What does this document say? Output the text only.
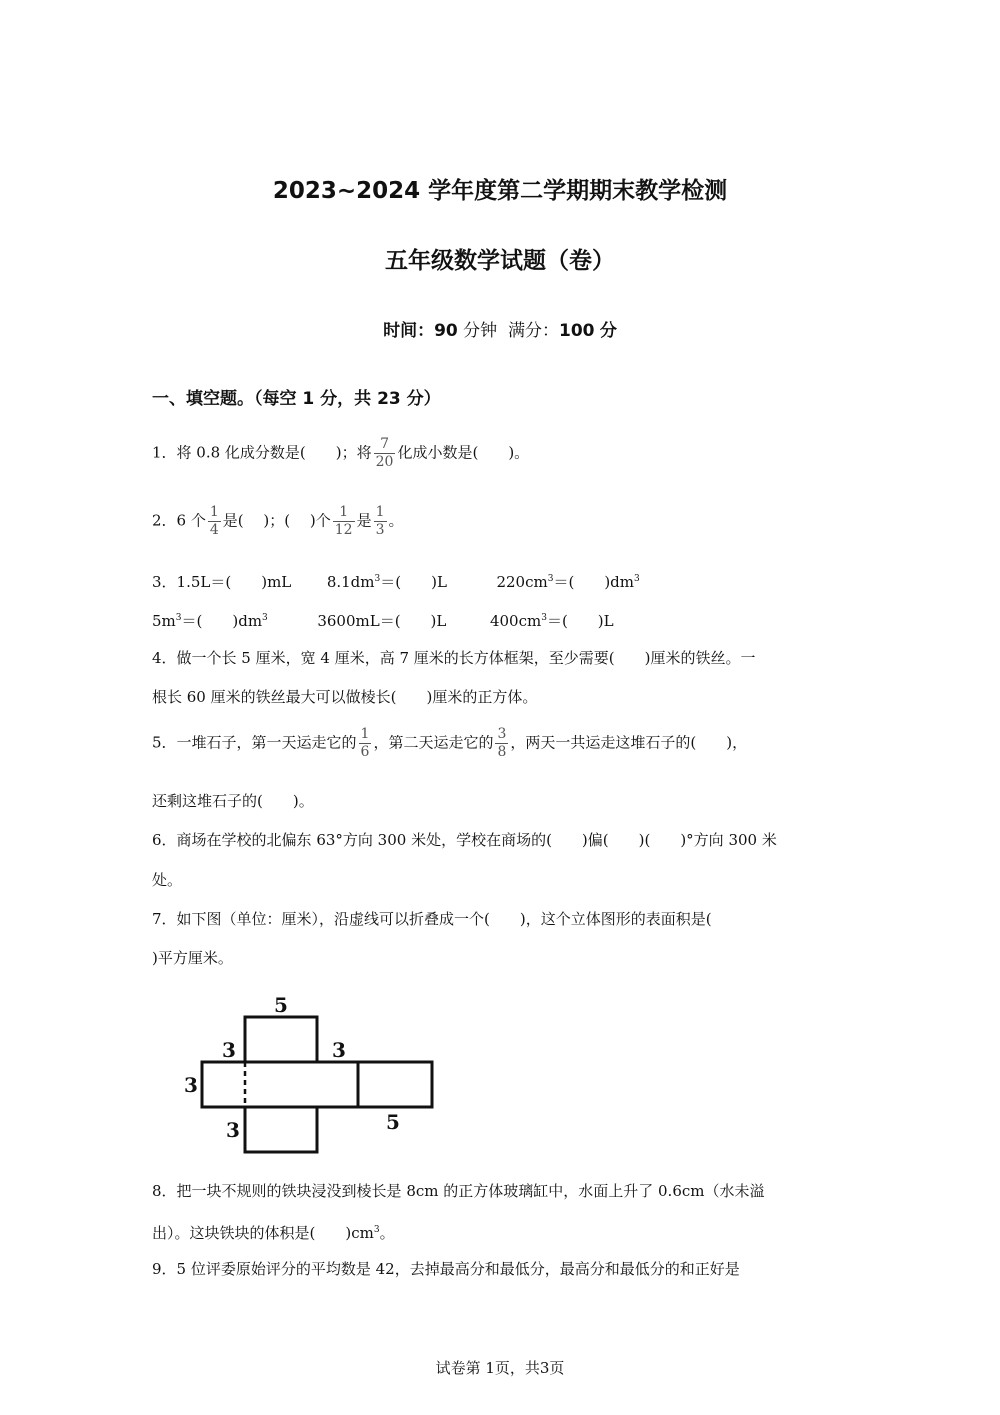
2023~2024 学年度第二学期期末教学检测
五年级数学试题（卷）
时间：90 分钟 满分：100 分
一、填空题。（每空 1 分，共 23 分）
1．将 0.8 化成分数是(　　)；将 $\frac{7}{20}$ 化成小数是(　　)。
2．6 个 $\frac{1}{4}$ 是(　 )；(　 )个 $\frac{1}{12}$ 是 $\frac{1}{3}$ 。
3．1.5L＝(　　)mL $8.1dm^3=$(　　)L	$220cm^3=$(　　)$dm^3$
$5m^3=$(　　)$dm^3$	3600mL＝(　　)L	$400cm^3=$(　　)L
4．做一个长 5 厘米，宽 4 厘米，高 7 厘米的长方体框架，至少需要(　　)厘米的铁丝。一
根长 60 厘米的铁丝最大可以做棱长(　　)厘米的正方体。
5．一堆石子，第一天运走它的 $\frac{1}{6}$ ，第二天运走它的 $\frac{3}{8}$ ，两天一共运走这堆石子的(　　)，
还剩这堆石子的(　　)。
6．商场在学校的北偏东 63°方向 300 米处，学校在商场的(　　)偏(　　)(　　)°方向 300 米
处。
7．如下图（单位：厘米），沿虚线可以折叠成一个(　　)，这个立体图形的表面积是(
)平方厘米。
5
3	3
3
3	5
8．把一块不规则的铁块浸没到棱长是 8cm 的正方体玻璃缸中，水面上升了 0.6cm（水未溢
出）。这块铁块的体积是(　　)$cm^3$。
9．5 位评委原始评分的平均数是 42，去掉最高分和最低分，最高分和最低分的和正好是
试卷第 1页，共3页
